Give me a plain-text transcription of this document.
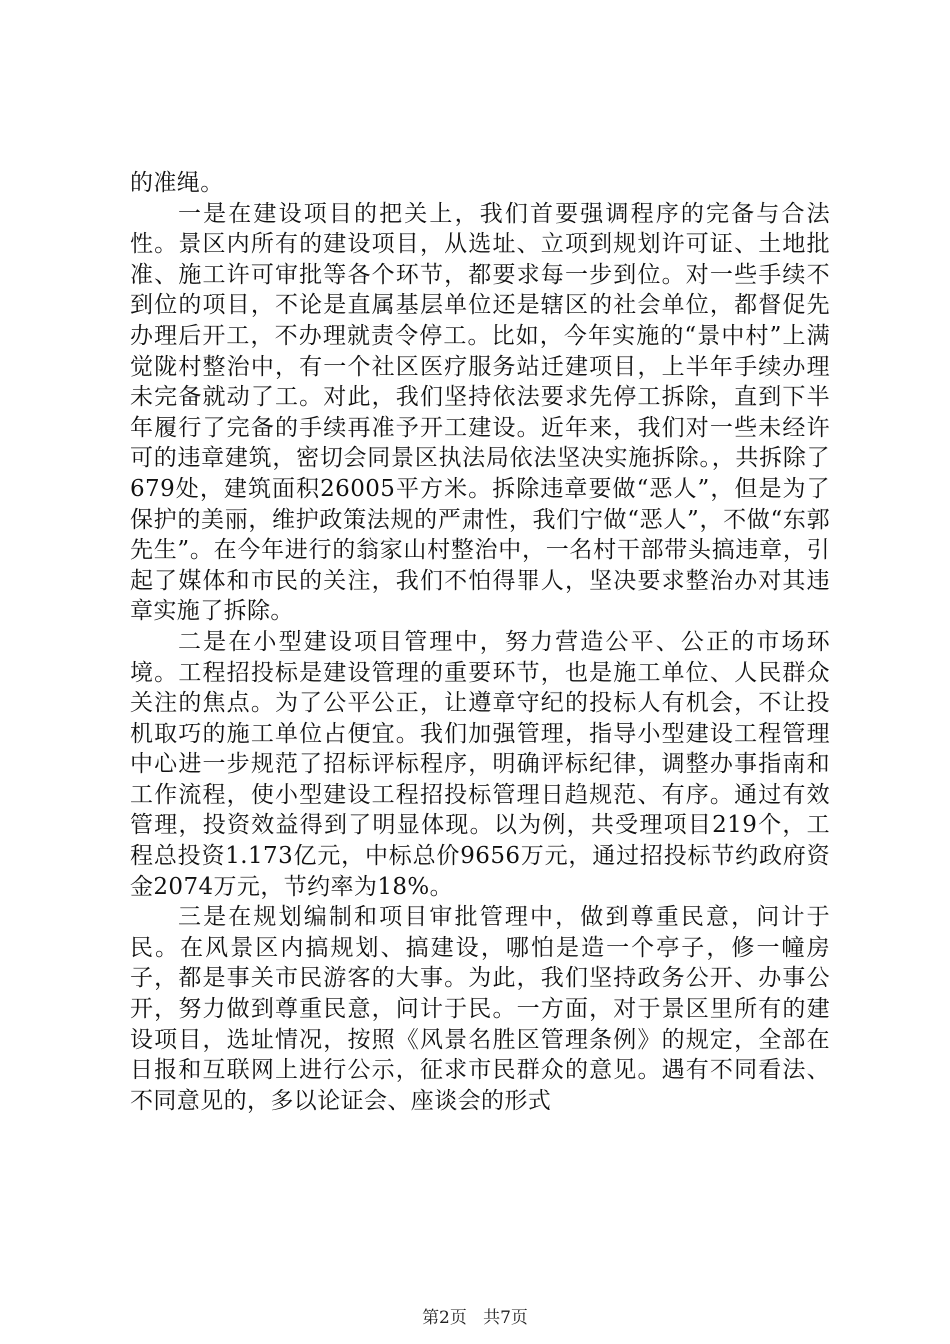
的准绳。

一是在建设项目的把关上，我们首要强调程序的完备与合法性。景区内所有的建设项目，从选址、立项到规划许可证、土地批准、施工许可审批等各个环节，都要求每一步到位。对一些手续不到位的项目，不论是直属基层单位还是辖区的社会单位，都督促先办理后开工，不办理就责令停工。比如，今年实施的“景中村”上满觉陇村整治中，有一个社区医疗服务站迁建项目，上半年手续办理未完备就动了工。对此，我们坚持依法要求先停工拆除，直到下半年履行了完备的手续再准予开工建设。近年来，我们对一些未经许可的违章建筑，密切会同景区执法局依法坚决实施拆除。，共拆除了679处，建筑面积26005平方米。拆除违章要做“恶人”，但是为了保护的美丽，维护政策法规的严肃性，我们宁做“恶人”，不做“东郭先生”。在今年进行的翁家山村整治中，一名村干部带头搞违章，引起了媒体和市民的关注，我们不怕得罪人，坚决要求整治办对其违章实施了拆除。

二是在小型建设项目管理中，努力营造公平、公正的市场环境。工程招投标是建设管理的重要环节，也是施工单位、人民群众关注的焦点。为了公平公正，让遵章守纪的投标人有机会，不让投机取巧的施工单位占便宜。我们加强管理，指导小型建设工程管理中心进一步规范了招标评标程序，明确评标纪律，调整办事指南和工作流程，使小型建设工程招投标管理日趋规范、有序。通过有效管理，投资效益得到了明显体现。以为例，共受理项目219个，工程总投资1.173亿元，中标总价9656万元，通过招投标节约政府资金2074万元，节约率为18%。

三是在规划编制和项目审批管理中，做到尊重民意，问计于民。在风景区内搞规划、搞建设，哪怕是造一个亭子，修一幢房子，都是事关市民游客的大事。为此，我们坚持政务公开、办事公开，努力做到尊重民意，问计于民。一方面，对于景区里所有的建设项目，选址情况，按照《风景名胜区管理条例》的规定，全部在日报和互联网上进行公示，征求市民群众的意见。遇有不同看法、不同意见的，多以论证会、座谈会的形式

第2页 共7页
